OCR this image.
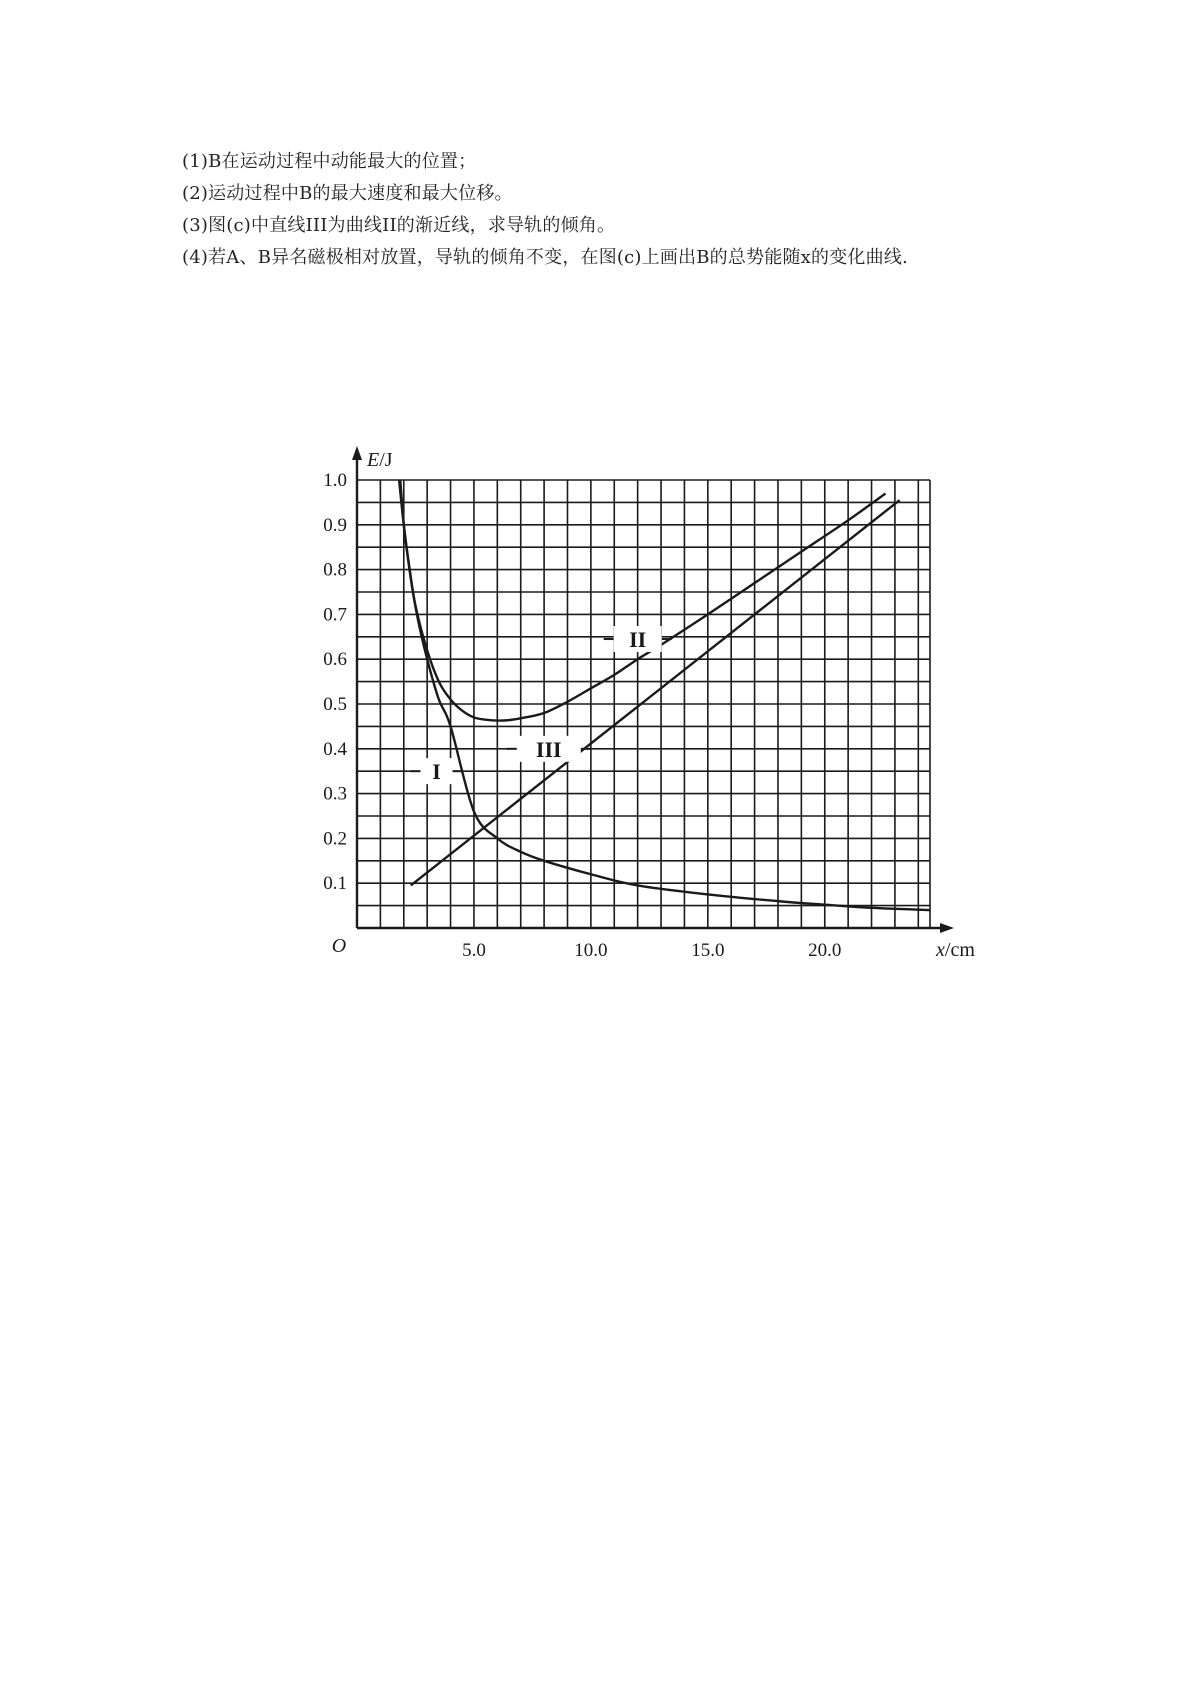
(1)B在运动过程中动能最大的位置；
(2)运动过程中B的最大速度和最大位移。
(3)图(c)中直线III为曲线II的渐近线，求导轨的倾角。
(4)若A、B异名磁极相对放置，导轨的倾角不变，在图(c)上画出B的总势能随x的变化曲线.
0.1
0.2
0.3
0.4
0.5
0.6
0.7
0.8
0.9
1.0
5.0	10.0	15.0	20.0
O
E/J
x/cm
I
II
III
